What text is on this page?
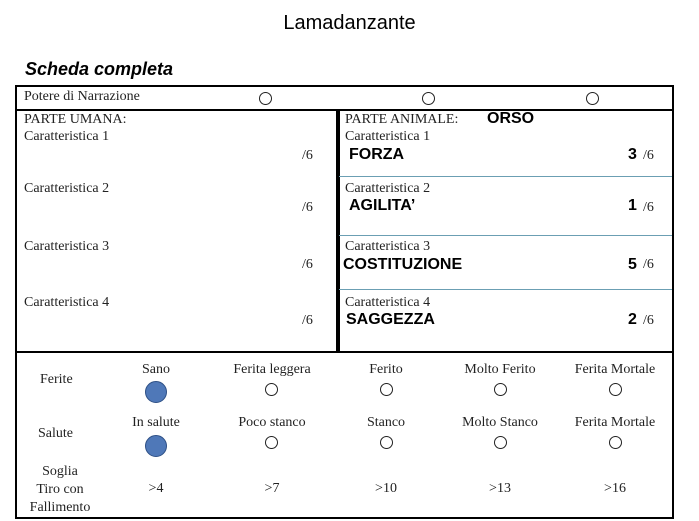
Lamadanzante
Scheda completa
Potere di Narrazione
PARTE UMANA:
Caratteristica 1
/6
Caratteristica 2
/6
Caratteristica 3
/6
Caratteristica 4
/6
PARTE ANIMALE: ORSO
Caratteristica 1
FORZA	3 /6
Caratteristica 2
AGILITA’	1 /6
Caratteristica 3
COSTITUZIONE	5 /6
Caratteristica 4
SAGGEZZA	2 /6
Ferite
Sano	Ferita leggera	Ferito	Molto Ferito	Ferita Mortale
Salute
In salute	Poco stanco	Stanco	Molto Stanco	Ferita Mortale
Soglia
Tiro con
Fallimento
>4	>7	>10	>13	>16
